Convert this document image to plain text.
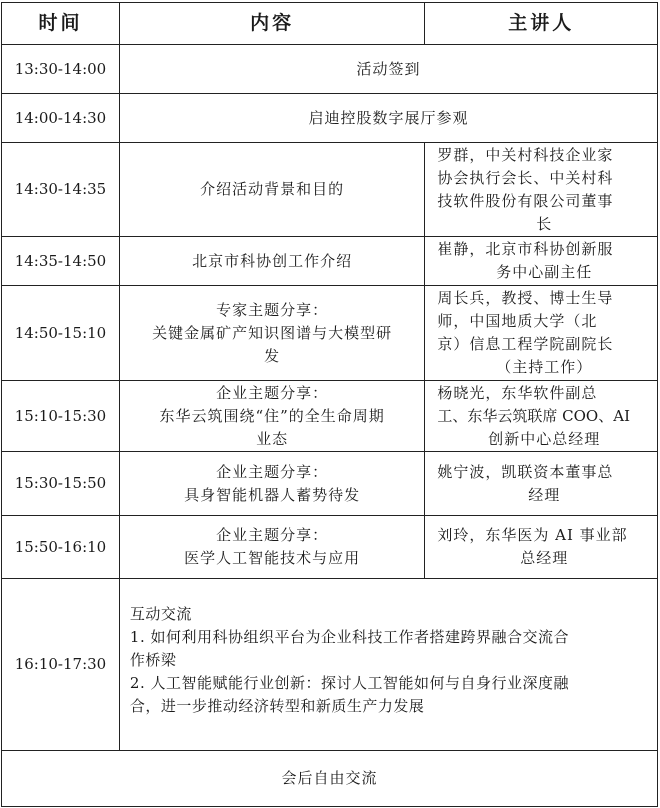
时间	内容	主讲人
13:30-14:00	活动签到	

14:00-14:30	启迪控股数字展厅参观	

14:30-14:35	介绍活动背景和目的	罗群，中关村科技企业家
协会执行会长、中关村科
技软件股份有限公司董事
长

14:35-14:50	北京市科协创工作介绍	崔静，北京市科协创新服
务中心副主任

14:50-15:10	专家主题分享：
关键金属矿产知识图谱与大模型研
发	周长兵，教授、博士生导
师，中国地质大学（北
京）信息工程学院副院长
（主持工作）

15:10-15:30	企业主题分享：
东华云筑围绕“住”的全生命周期
业态	杨晓光，东华软件副总
工、东华云筑联席 COO、AI
创新中心总经理

15:30-15:50	企业主题分享：
具身智能机器人蓄势待发	姚宁波，凯联资本董事总
经理

15:50-16:10	企业主题分享：
医学人工智能技术与应用	刘玲，东华医为 AI 事业部
总经理

16:10-17:30	互动交流
1. 如何利用科协组织平台为企业科技工作者搭建跨界融合交流合
作桥梁
2. 人工智能赋能行业创新：探讨人工智能如何与自身行业深度融
合，进一步推动经济转型和新质生产力发展	

会后自由交流		
